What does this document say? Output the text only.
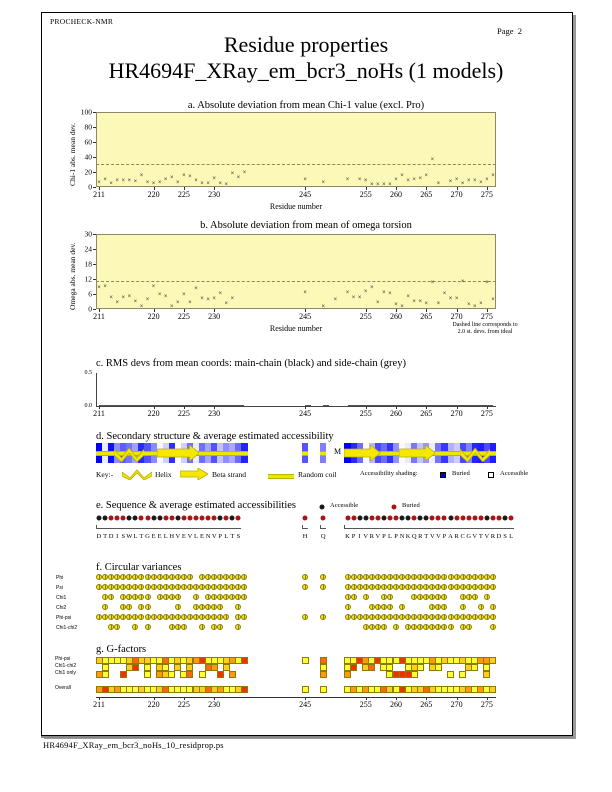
HR4694F_XRay_em_bcr3_noHs_10_residprop.ps
PROCHECK-NMR
Page 2
Residue properties
HR4694F_XRay_em_bcr3_noHs (1 models)
a. Absolute deviation from mean Chi-1 value (excl. Pro)
0
20
40
60
80
100
211	220 225 230	245	255 260 265 270 275
×
×
× × × × ×
×
× × × × ×
×
× ×
× × ×
×
× ×
×
×
×
×
×
× × ×
× × × ×
×
×
× × × ×
×
× × ×
× × × × ×
×
Chi-1 abs. mean dev.
Residue number
b. Absolute deviation from mean of omega torsion
0
6
12
18
24
30
211	220 225 230	245	255 260 265 270 275
× ×
×
×
× ×
×
×
×
×
× ×
×
×
×
×
×
× × ×
×
×
×
×
×
×
×
× ×
×
×
×
× ×
× ×
×
× × ×
×
×
×
× ×
×
× × ×
×
×
Omega abs. mean dev.
Residue number	Dashed line corresponds to
2.0 st. devs. from ideal
c. RMS devs from mean coords: main-chain (black) and side-chain (grey)
0.0
0.5
211	220 225 230	245	255 260 265 270 275
d. Secondary structure & average estimated accessibility
M
Key:-	Helix	Beta strand	Random coil	Accessibility shading:	Buried	Accessible
e. Sequence & average estimated accessibilities	Accessible	Buried
D T D I S W L T G E E L H V E V L E N V P L T S	H Q	K P I V R V P L P N K Q R T V V P A R C G V T V R D S L
f. Circular variances
Phi
Psi
Chi1
Chi2
Phi-psi
Chi1-chi2
g. G-factors
Phi-psi
Chi1-chi2
Chi1 only
Overall
211	220 225 230	245	255 260 265 270 275
